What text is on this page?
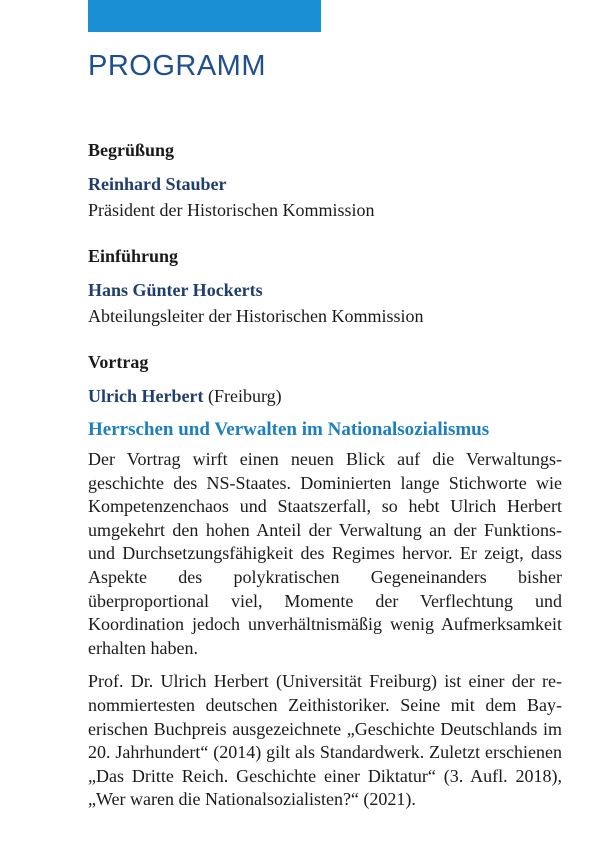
PROGRAMM

Begrüßung

Reinhard Stauber

Präsident der Historischen Kommission

Einführung

Hans Günter Hockerts

Abteilungsleiter der Historischen Kommission

Vortrag

Ulrich Herbert (Freiburg)

Herrschen und Verwalten im Nationalsozialismus

Der Vortrag wirft einen neuen Blick auf die Verwaltungsgeschichte des NS-Staates. Dominierten lange Stichworte wie Kompetenzenchaos und Staatszerfall, so hebt Ulrich Herbert umgekehrt den hohen Anteil der Verwaltung an der Funktions- und Durchsetzungsfähigkeit des Regimes hervor. Er zeigt, dass Aspekte des polykratischen Gegeneinanders bisher überproportional viel, Momente der Verflechtung und Koordination jedoch unverhältnismäßig wenig Aufmerksamkeit erhalten haben.

Prof. Dr. Ulrich Herbert (Universität Freiburg) ist einer der renommiertesten deutschen Zeithistoriker. Seine mit dem Bayerischen Buchpreis ausgezeichnete „Geschichte Deutschlands im 20. Jahrhundert“ (2014) gilt als Standardwerk. Zuletzt erschienen „Das Dritte Reich. Geschichte einer Diktatur“ (3. Aufl. 2018), „Wer waren die Nationalsozialisten?“ (2021).
